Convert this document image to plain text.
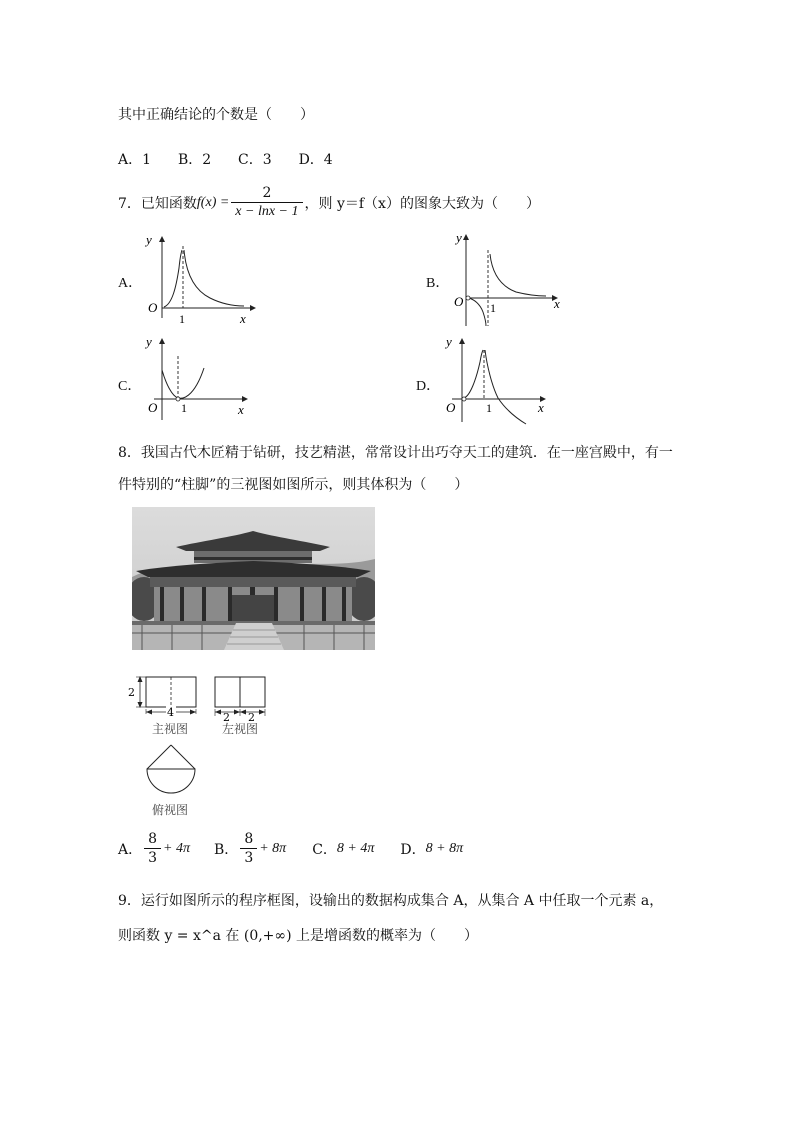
其中正确结论的个数是（　　）
A．1 B．2 C．3 D．4
7．已知函数 $f(x) = \frac{2}{x - \ln x - 1}$ ，则 y＝f（x）的图象大致为（　　）
A．	B．
C．	D．
y
O
1	x
y
O 1	x
y
O 1	x
y
O	1	x
8．我国古代木匠精于钻研，技艺精湛，常常设计出巧夺天工的建筑．在一座宫殿中，有一
件特别的“柱脚”的三视图如图所示，则其体积为（　　）
2
4	2 2
主视图	左视图
俯视图
A． $\frac{8}{3} + 4\pi$ B． $\frac{8}{3} + 8\pi$ C． 8 + 4π D． 8 + 8π
9．运行如图所示的程序框图，设输出的数据构成集合 A，从集合 A 中任取一个元素 a，
则函数 y = x^a 在 (0,+∞) 上是增函数的概率为（　　）
